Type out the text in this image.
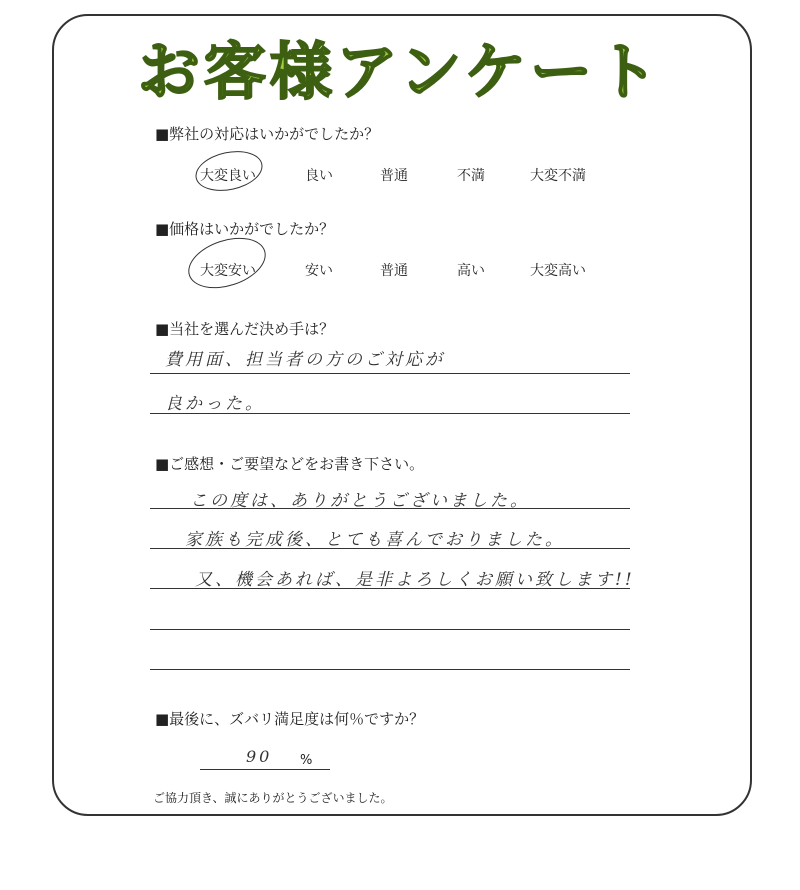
お客様アンケート
■弊社の対応はいかがでしたか？
大変良い	良い	普通	不満	大変不満
■価格はいかがでしたか？
大変安い	安い	普通	高い	大変高い
■当社を選んだ決め手は？
費用面、担当者の方のご対応が
良かった。
■ご感想・ご要望などをお書き下さい。
この度は、ありがとうございました。
家族も完成後、とても喜んでおりました。
又、機会あれば、是非よろしくお願い致します!!
■最後に、ズバリ満足度は何％ですか？
90 %
ご協力頂き、誠にありがとうございました。
